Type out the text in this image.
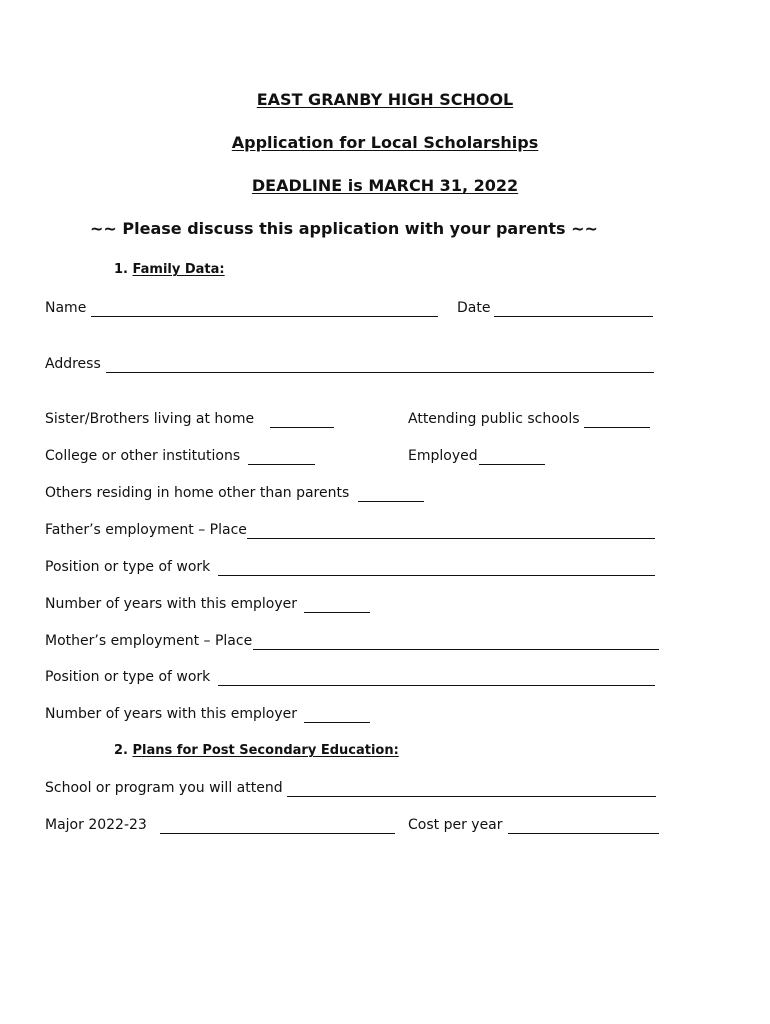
EAST GRANBY HIGH SCHOOL
Application for Local Scholarships
DEADLINE is MARCH 31, 2022
~~ Please discuss this application with your parents ~~
1. Family Data:
Name	Date
Address
Sister/Brothers living at home	Attending public schools
College or other institutions	Employed
Others residing in home other than parents
Father’s employment – Place
Position or type of work
Number of years with this employer
Mother’s employment – Place
Position or type of work
Number of years with this employer
2. Plans for Post Secondary Education:
School or program you will attend
Major 2022-23	Cost per year
